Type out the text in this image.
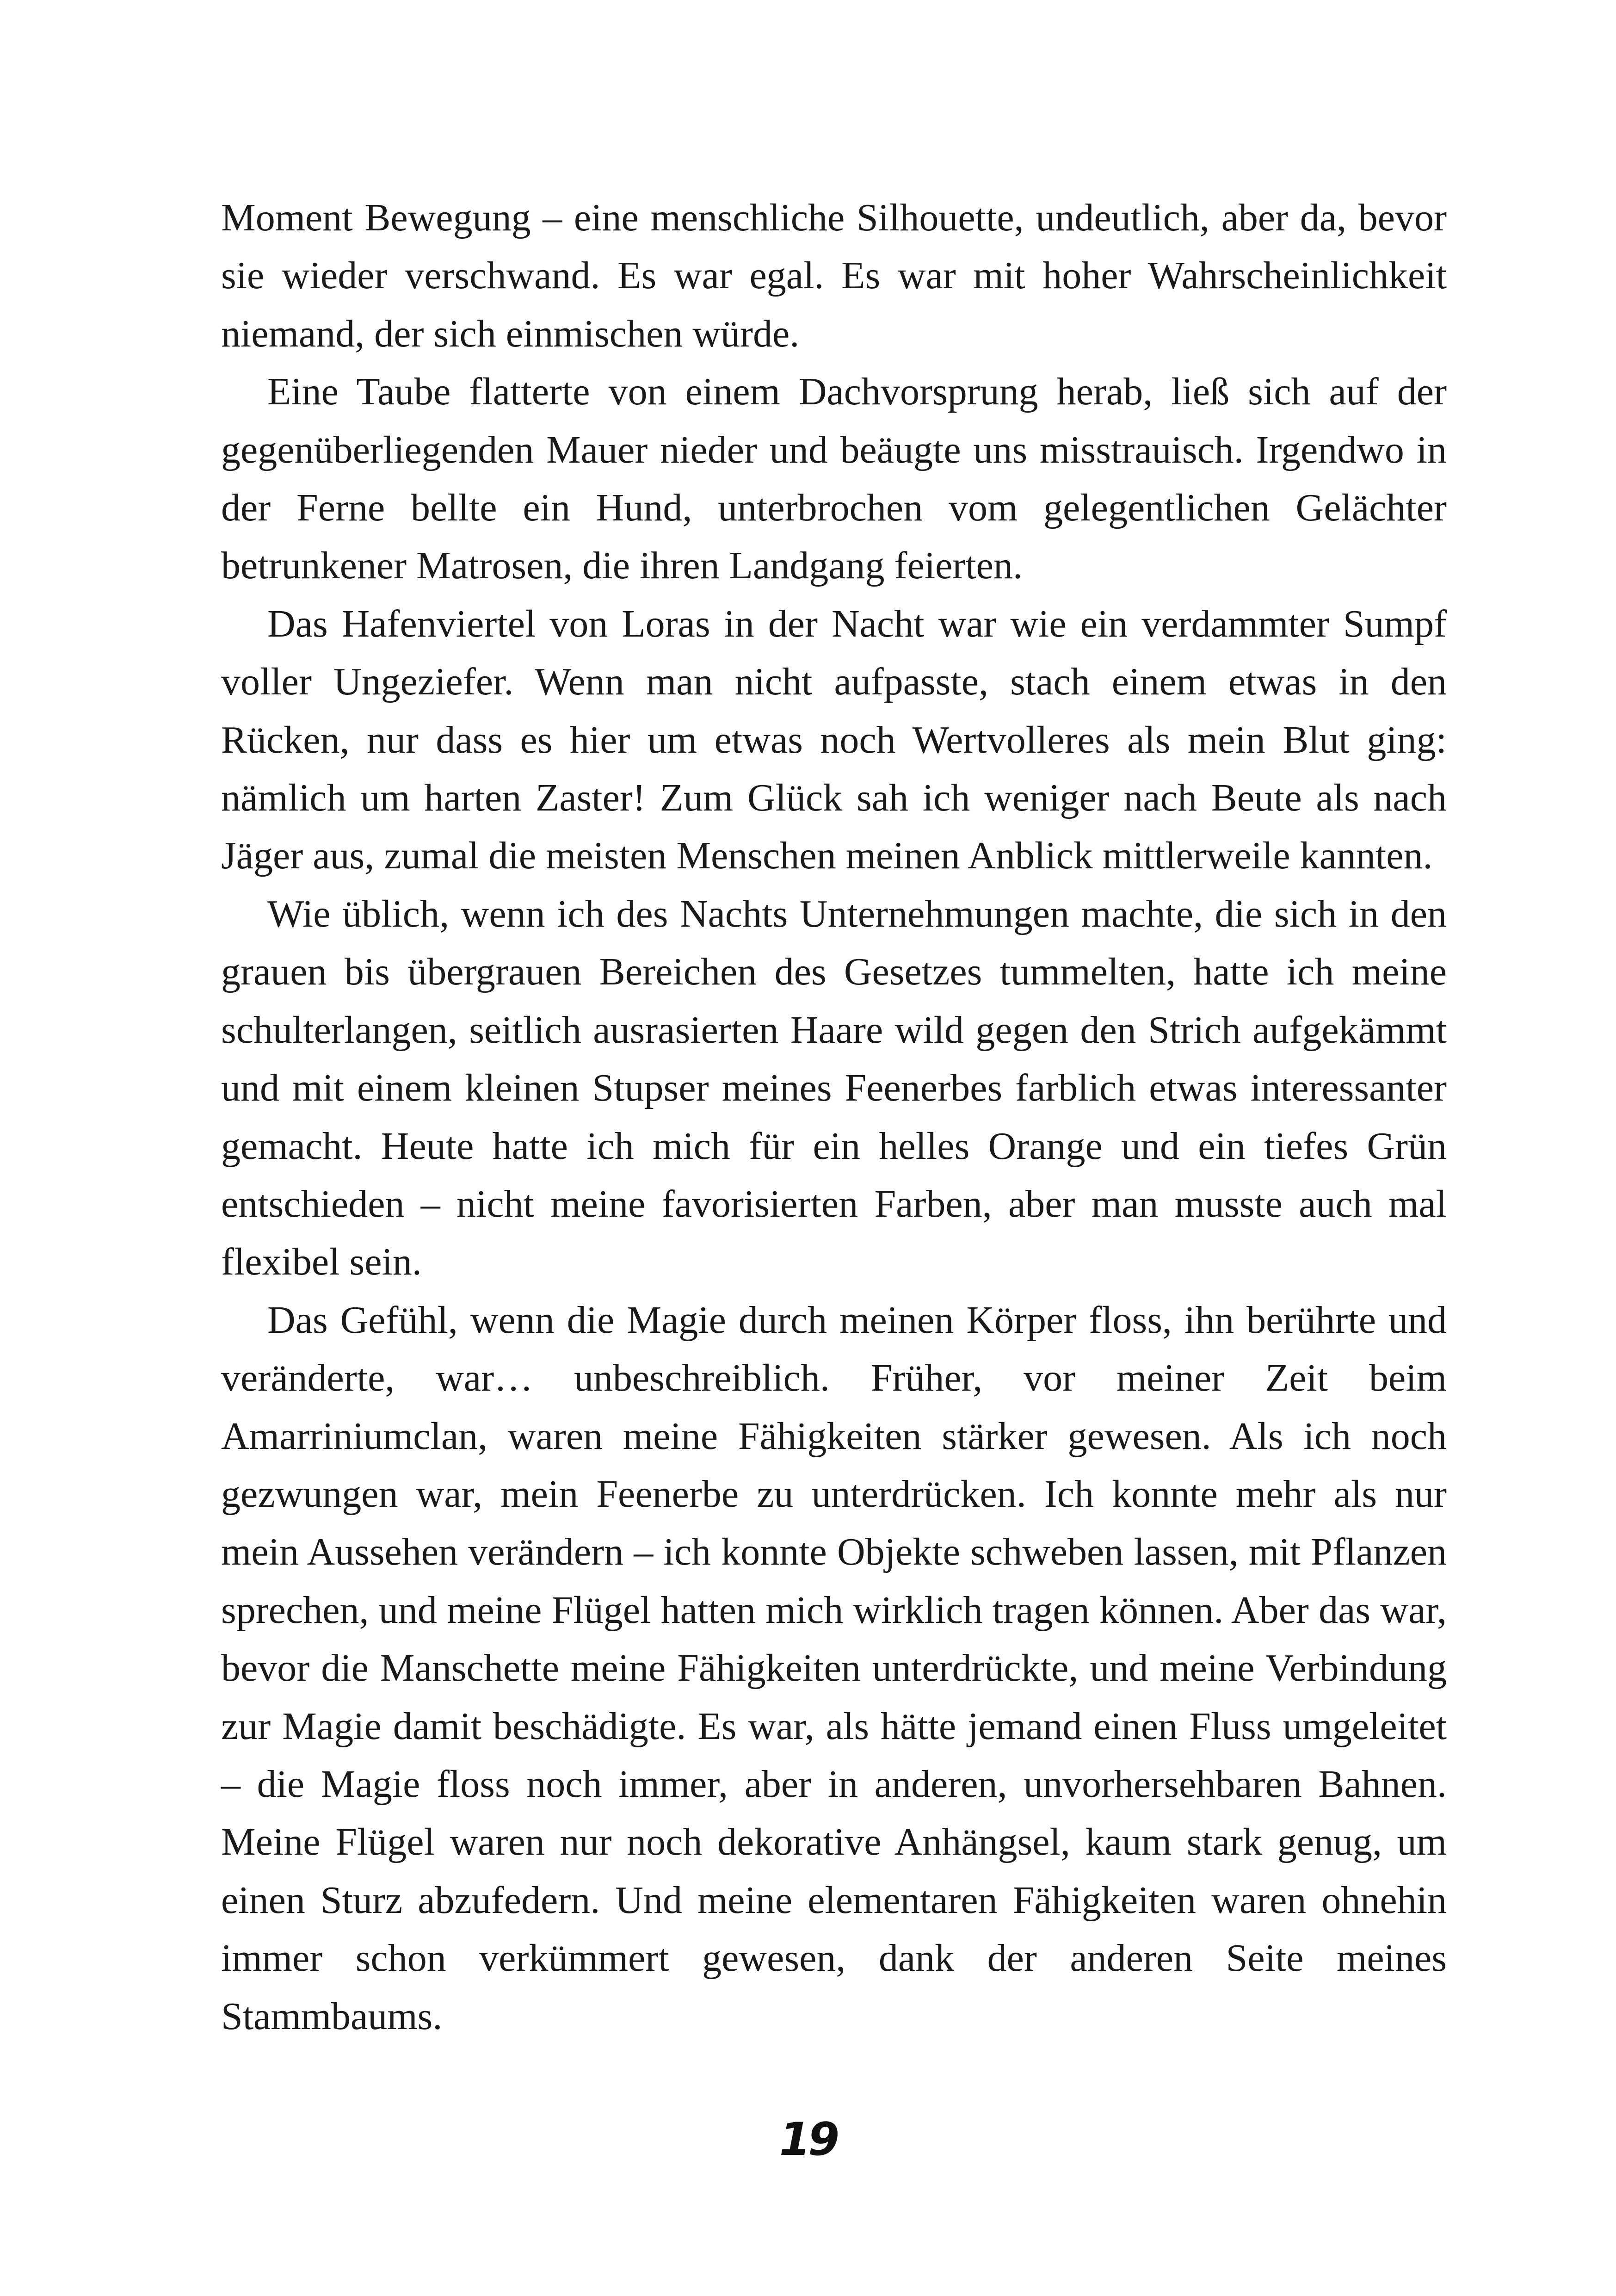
Moment Bewegung – eine menschliche Silhouette, undeutlich, aber da, bevor sie wieder verschwand. Es war egal. Es war mit hoher Wahrscheinlichkeit niemand, der sich einmischen würde.

Eine Taube flatterte von einem Dachvorsprung herab, ließ sich auf der gegenüberliegenden Mauer nieder und beäugte uns misstrauisch. Irgendwo in der Ferne bellte ein Hund, unterbrochen vom gelegentlichen Gelächter betrunkener Matrosen, die ihren Landgang feierten.

Das Hafenviertel von Loras in der Nacht war wie ein verdammter Sumpf voller Ungeziefer. Wenn man nicht aufpasste, stach einem etwas in den Rücken, nur dass es hier um etwas noch Wertvolleres als mein Blut ging: nämlich um harten Zaster! Zum Glück sah ich weniger nach Beute als nach Jäger aus, zumal die meisten Menschen meinen Anblick mittlerweile kannten.

Wie üblich, wenn ich des Nachts Unternehmungen machte, die sich in den grauen bis übergrauen Bereichen des Gesetzes tummelten, hatte ich meine schulterlangen, seitlich ausrasierten Haare wild gegen den Strich aufgekämmt und mit einem kleinen Stupser meines Feenerbes farblich etwas interessanter gemacht. Heute hatte ich mich für ein helles Orange und ein tiefes Grün entschieden – nicht meine favorisierten Farben, aber man musste auch mal flexibel sein.

Das Gefühl, wenn die Magie durch meinen Körper floss, ihn berührte und veränderte, war… unbeschreiblich. Früher, vor meiner Zeit beim Amarriniumclan, waren meine Fähigkeiten stärker gewesen. Als ich noch gezwungen war, mein Feenerbe zu unterdrücken. Ich konnte mehr als nur mein Aussehen verändern – ich konnte Objekte schweben lassen, mit Pflanzen sprechen, und meine Flügel hatten mich wirklich tragen können. Aber das war, bevor die Manschette meine Fähigkeiten unterdrückte, und meine Verbindung zur Magie damit beschädigte. Es war, als hätte jemand einen Fluss umgeleitet – die Magie floss noch immer, aber in anderen, unvorhersehbaren Bahnen. Meine Flügel waren nur noch dekorative Anhängsel, kaum stark genug, um einen Sturz abzufedern. Und meine elementaren Fähigkeiten waren ohnehin immer schon verkümmert gewesen, dank der anderen Seite meines Stammbaums.

19
